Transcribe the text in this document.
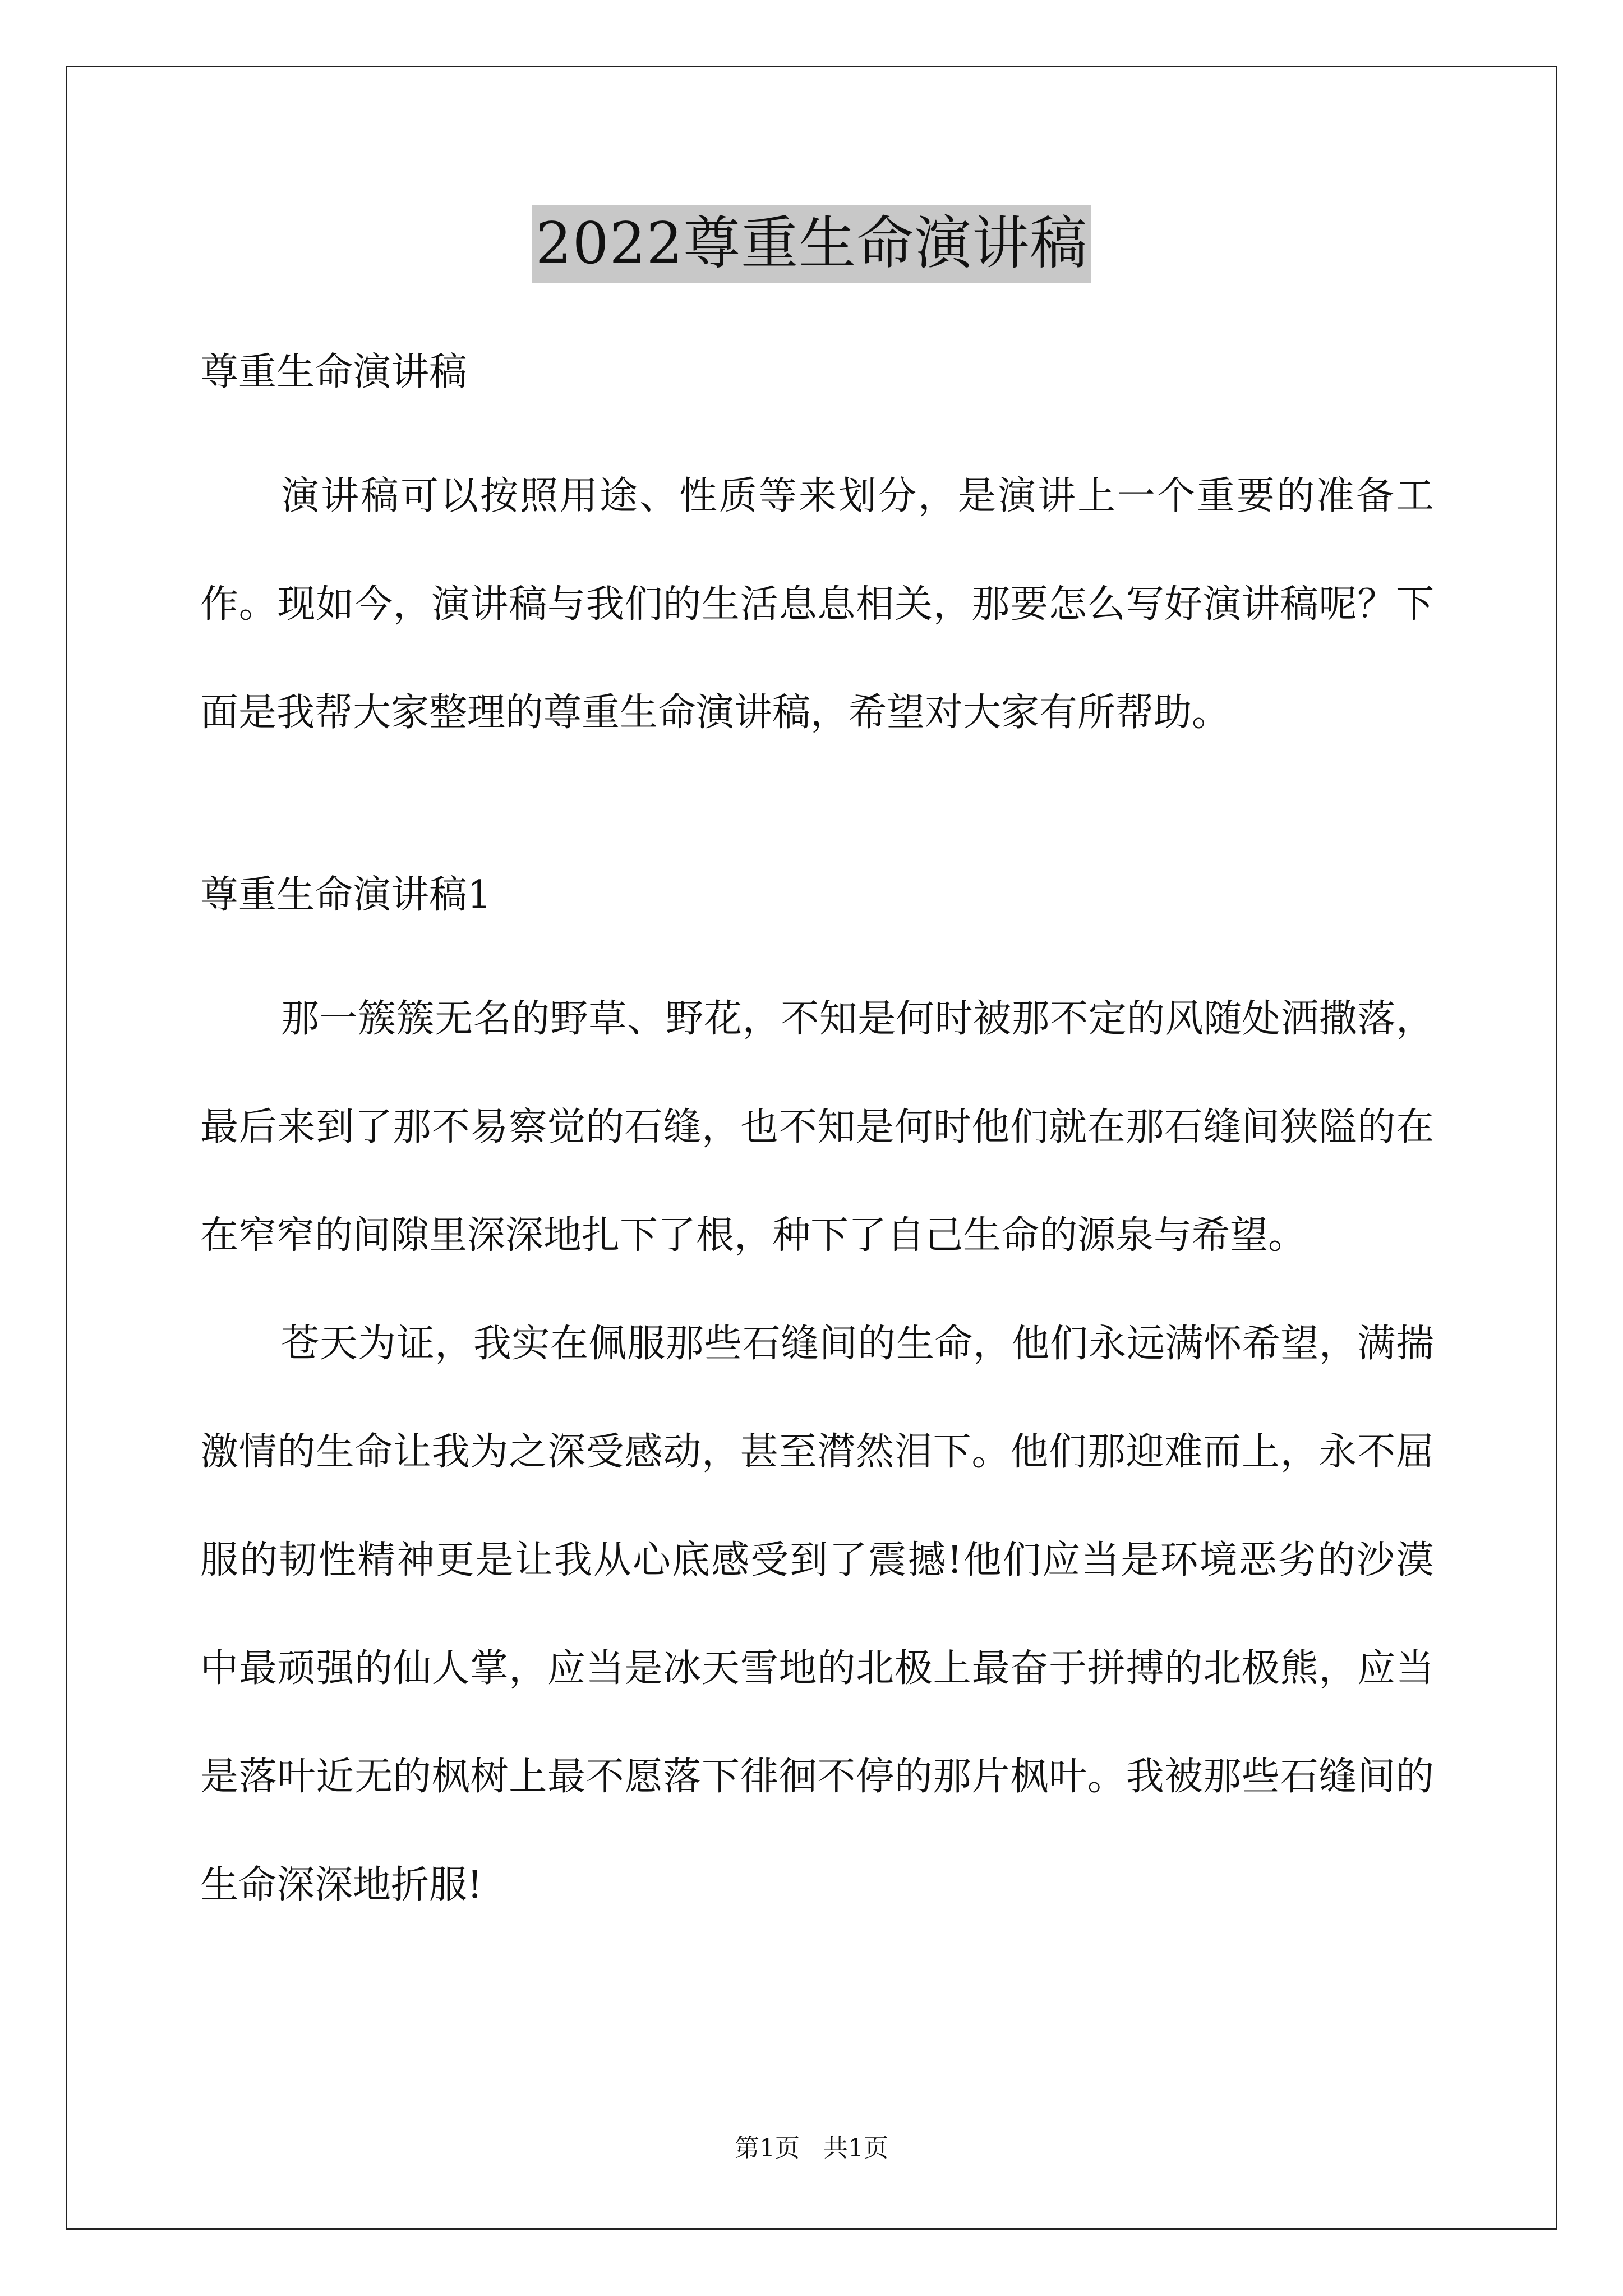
2022尊重生命演讲稿

尊重生命演讲稿

演讲稿可以按照用途、性质等来划分，是演讲上一个重要的准备工作。现如今，演讲稿与我们的生活息息相关，那要怎么写好演讲稿呢？下面是我帮大家整理的尊重生命演讲稿，希望对大家有所帮助。

尊重生命演讲稿1

那一簇簇无名的野草、野花，不知是何时被那不定的风随处洒撒落，最后来到了那不易察觉的石缝，也不知是何时他们就在那石缝间狭隘的在在窄窄的间隙里深深地扎下了根，种下了自己生命的源泉与希望。

苍天为证，我实在佩服那些石缝间的生命，他们永远满怀希望，满揣激情的生命让我为之深受感动，甚至潸然泪下。他们那迎难而上，永不屈服的韧性精神更是让我从心底感受到了震撼!他们应当是环境恶劣的沙漠中最顽强的仙人掌，应当是冰天雪地的北极上最奋于拼搏的北极熊，应当是落叶近无的枫树上最不愿落下徘徊不停的那片枫叶。我被那些石缝间的生命深深地折服!

第1页   共1页
